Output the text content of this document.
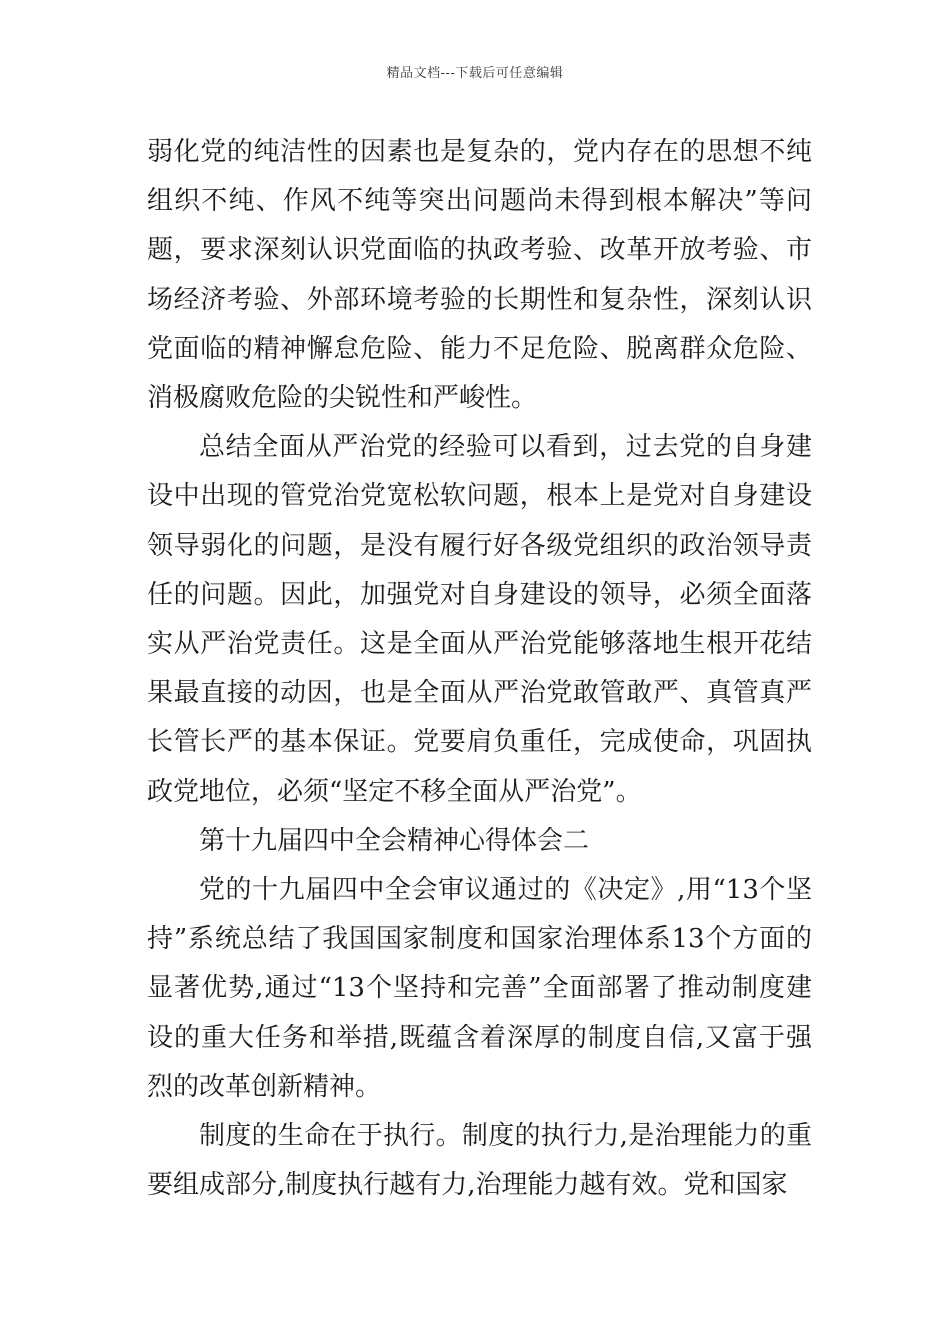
精品文档---下载后可任意编辑

弱化党的纯洁性的因素也是复杂的，党内存在的思想不纯组织不纯、作风不纯等突出问题尚未得到根本解决”等问题，要求深刻认识党面临的执政考验、改革开放考验、市场经济考验、外部环境考验的长期性和复杂性，深刻认识党面临的精神懈怠危险、能力不足危险、脱离群众危险、消极腐败危险的尖锐性和严峻性。

总结全面从严治党的经验可以看到，过去党的自身建设中出现的管党治党宽松软问题，根本上是党对自身建设领导弱化的问题，是没有履行好各级党组织的政治领导责任的问题。因此，加强党对自身建设的领导，必须全面落实从严治党责任。这是全面从严治党能够落地生根开花结果最直接的动因，也是全面从严治党敢管敢严、真管真严长管长严的基本保证。党要肩负重任，完成使命，巩固执政党地位，必须“坚定不移全面从严治党”。

第十九届四中全会精神心得体会二

党的十九届四中全会审议通过的《决定》,用“13个坚持”系统总结了我国国家制度和国家治理体系13个方面的显著优势,通过“13个坚持和完善”全面部署了推动制度建设的重大任务和举措,既蕴含着深厚的制度自信,又富于强烈的改革创新精神。

制度的生命在于执行。制度的执行力,是治理能力的重要组成部分,制度执行越有力,治理能力越有效。党和国家
